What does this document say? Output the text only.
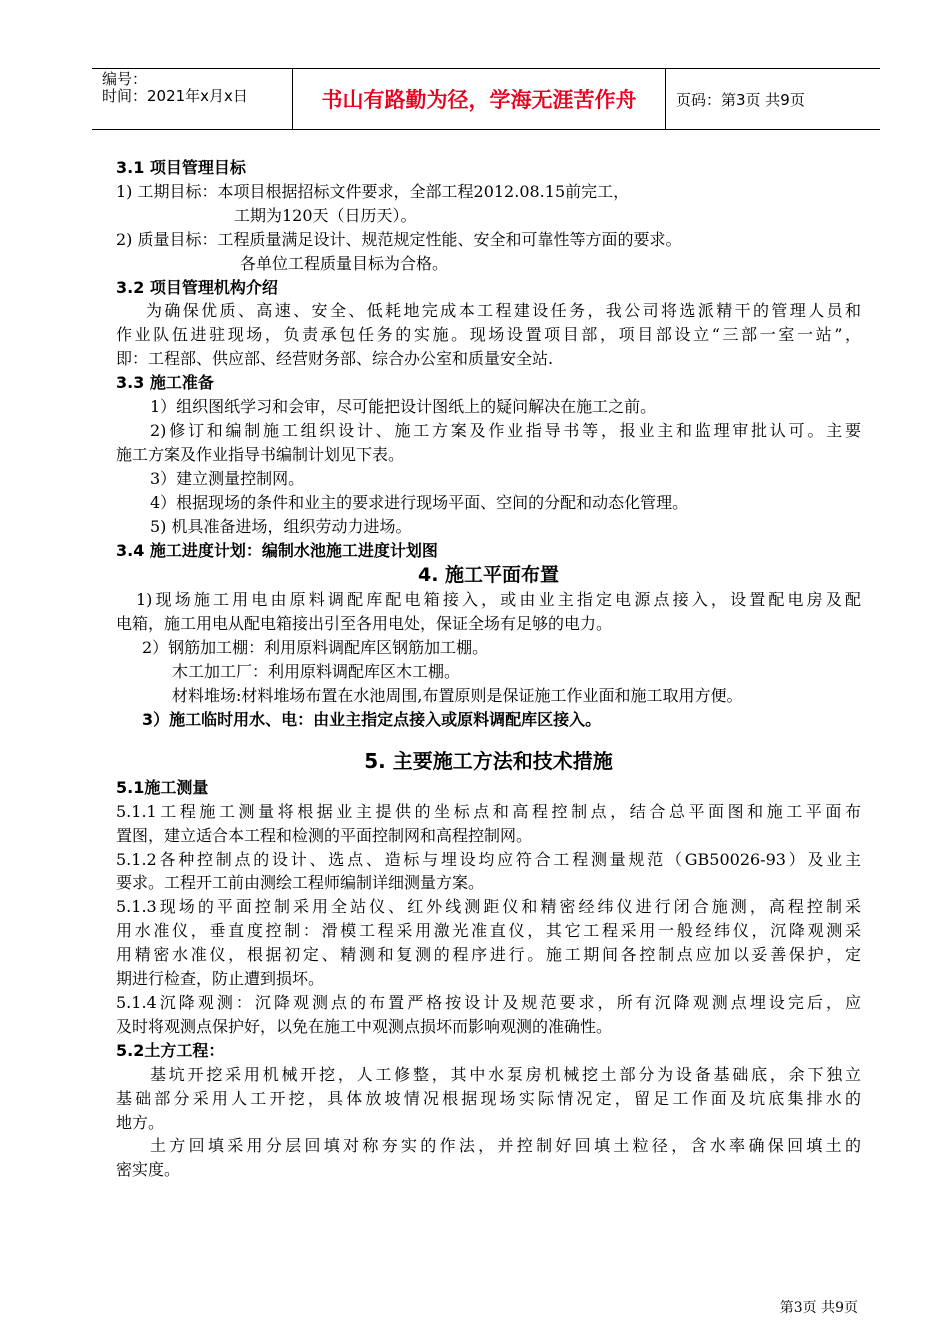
编号：
时间：2021年x月x日	书山有路勤为径，学海无涯苦作舟	页码：第3页 共9页
3.1 项目管理目标
1) 工期目标：本项目根据招标文件要求，全部工程2012.08.15前完工，
工期为120天（日历天）。
2) 质量目标：工程质量满足设计、规范规定性能、安全和可靠性等方面的要求。
各单位工程质量目标为合格。
3.2 项目管理机构介绍
为确保优质、高速、安全、低耗地完成本工程建设任务，我公司将选派精干的管理人员和
作业队伍进驻现场，负责承包任务的实施。现场设置项目部，项目部设立“三部一室一站”，
即：工程部、供应部、经营财务部、综合办公室和质量安全站.
3.3 施工准备
1）组织图纸学习和会审，尽可能把设计图纸上的疑问解决在施工之前。
2)修订和编制施工组织设计、施工方案及作业指导书等，报业主和监理审批认可。主要
施工方案及作业指导书编制计划见下表。
3）建立测量控制网。
4）根据现场的条件和业主的要求进行现场平面、空间的分配和动态化管理。
5) 机具准备进场，组织劳动力进场。
3.4 施工进度计划：编制水池施工进度计划图
4. 施工平面布置
1)现场施工用电由原料调配库配电箱接入，或由业主指定电源点接入，设置配电房及配
电箱，施工用电从配电箱接出引至各用电处，保证全场有足够的电力。
2）钢筋加工棚：利用原料调配库区钢筋加工棚。
木工加工厂：利用原料调配库区木工棚。
材料堆场:材料堆场布置在水池周围,布置原则是保证施工作业面和施工取用方便。
3）施工临时用水、电：由业主指定点接入或原料调配库区接入。
5. 主要施工方法和技术措施
5.1施工测量
5.1.1工程施工测量将根据业主提供的坐标点和高程控制点，结合总平面图和施工平面布
置图，建立适合本工程和检测的平面控制网和高程控制网。
5.1.2各种控制点的设计、选点、造标与埋设均应符合工程测量规范（GB50026-93）及业主
要求。工程开工前由测绘工程师编制详细测量方案。
5.1.3现场的平面控制采用全站仪、红外线测距仪和精密经纬仪进行闭合施测，高程控制采
用水准仪，垂直度控制：滑模工程采用激光准直仪，其它工程采用一般经纬仪，沉降观测采
用精密水准仪，根据初定、精测和复测的程序进行。施工期间各控制点应加以妥善保护，定
期进行检查，防止遭到损坏。
5.1.4沉降观测：沉降观测点的布置严格按设计及规范要求，所有沉降观测点埋设完后，应
及时将观测点保护好，以免在施工中观测点损坏而影响观测的准确性。
5.2土方工程：
基坑开挖采用机械开挖，人工修整，其中水泵房机械挖土部分为设备基础底，余下独立
基础部分采用人工开挖，具体放坡情况根据现场实际情况定，留足工作面及坑底集排水的
地方。
土方回填采用分层回填对称夯实的作法，并控制好回填土粒径，含水率确保回填土的
密实度。
第3页 共9页
